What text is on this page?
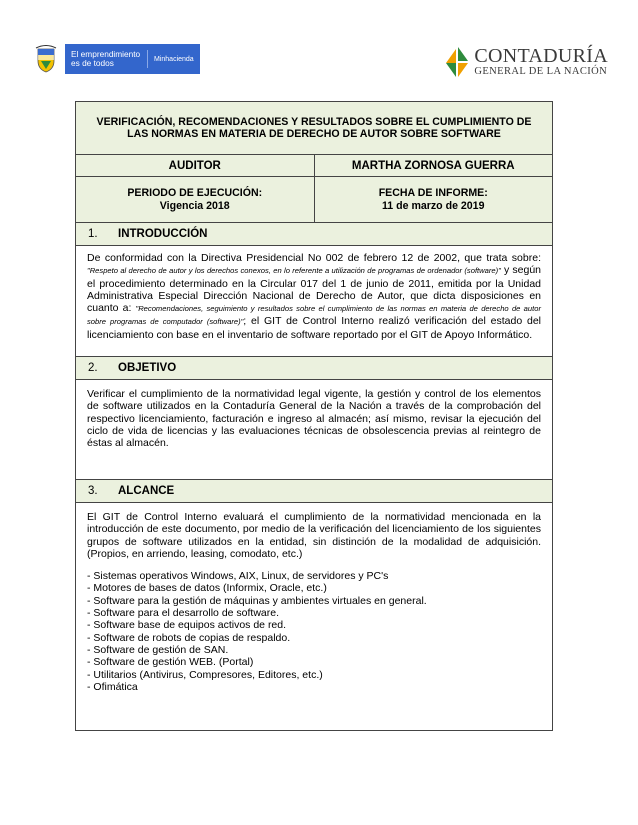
El emprendimiento
es de todos	Minhacienda	CONTADURÍA
GENERAL DE LA NACIÓN
VERIFICACIÓN, RECOMENDACIONES Y RESULTADOS SOBRE EL CUMPLIMIENTO DE LAS NORMAS EN MATERIA DE DERECHO DE AUTOR SOBRE SOFTWARE
AUDITOR	MARTHA ZORNOSA GUERRA
PERIODO DE EJECUCIÓN:
Vigencia 2018
FECHA DE INFORME:
11 de marzo de 2019
1.	INTRODUCCIÓN
De conformidad con la Directiva Presidencial No 002 de febrero 12 de 2002, que trata sobre: "Respeto al derecho de autor y los derechos conexos, en lo referente a utilización de programas de ordenador (software)" y según el procedimiento determinado en la Circular 017 del 1 de junio de 2011, emitida por la Unidad Administrativa Especial Dirección Nacional de Derecho de Autor, que dicta disposiciones en cuanto a: "Recomendaciones, seguimiento y resultados sobre el cumplimiento de las normas en materia de derecho de autor sobre programas de computador (software)"; el GIT de Control Interno realizó verificación del estado del licenciamiento con base en el inventario de software reportado por el GIT de Apoyo Informático.
2.	OBJETIVO
Verificar el cumplimiento de la normatividad legal vigente, la gestión y control de los elementos de software utilizados en la Contaduría General de la Nación a través de la comprobación del respectivo licenciamiento, facturación e ingreso al almacén; así mismo, revisar la ejecución del ciclo de vida de licencias y las evaluaciones técnicas de obsolescencia previas al reintegro de éstas al almacén.
3.	ALCANCE
El GIT de Control Interno evaluará el cumplimiento de la normatividad mencionada en la introducción de este documento, por medio de la verificación del licenciamiento de los siguientes grupos de software utilizados en la entidad, sin distinción de la modalidad de adquisición. (Propios, en arriendo, leasing, comodato, etc.)
- Sistemas operativos Windows, AIX, Linux, de servidores y PC's
- Motores de bases de datos (Informix, Oracle, etc.)
- Software para la gestión de máquinas y ambientes virtuales en general.
- Software para el desarrollo de software.
- Software base de equipos activos de red.
- Software de robots de copias de respaldo.
- Software de gestión de SAN.
- Software de gestión WEB. (Portal)
- Utilitarios (Antivirus, Compresores, Editores, etc.)
- Ofimática
